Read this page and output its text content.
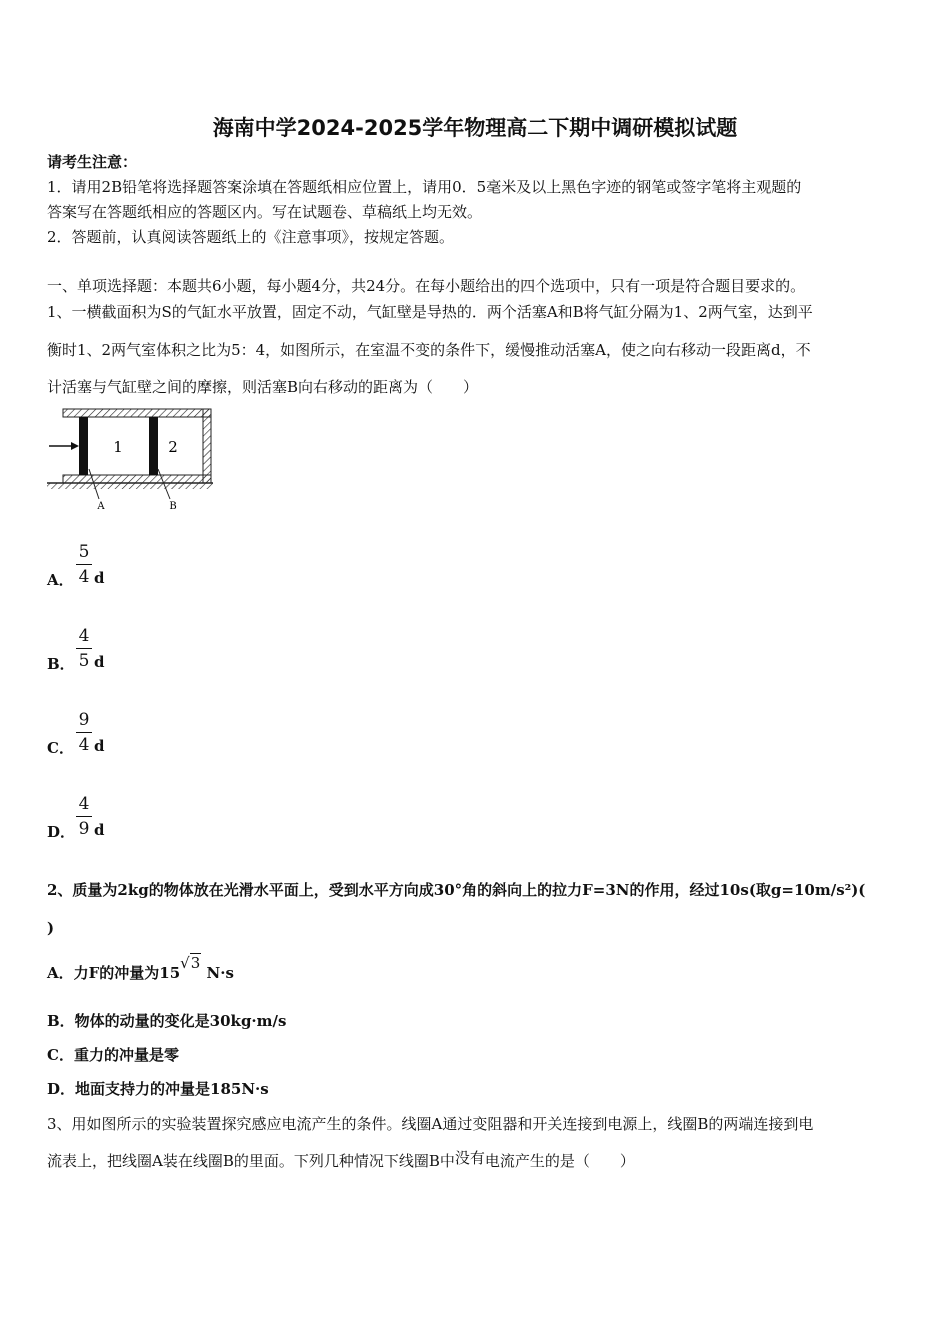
海南中学2024-2025学年物理高二下期中调研模拟试题
请考生注意：
1．请用2B铅笔将选择题答案涂填在答题纸相应位置上，请用0．5毫米及以上黑色字迹的钢笔或签字笔将主观题的
答案写在答题纸相应的答题区内。写在试题卷、草稿纸上均无效。
2．答题前，认真阅读答题纸上的《注意事项》，按规定答题。
一、单项选择题：本题共6小题，每小题4分，共24分。在每小题给出的四个选项中，只有一项是符合题目要求的。
1、一横截面积为S的气缸水平放置，固定不动，气缸壁是导热的．两个活塞A和B将气缸分隔为1、2两气室，达到平
衡时1、2两气室体积之比为5：4，如图所示，在室温不变的条件下，缓慢推动活塞A，使之向右移动一段距离d，不
计活塞与气缸壁之间的摩擦，则活塞B向右移动的距离为（　　）
1	2
A	B
A．
5
4 d
B．
4
5 d
C．
9
4 d
D．
4
9 d
2、质量为2kg的物体放在光滑水平面上，受到水平方向成30°角的斜向上的拉力F=3N的作用，经过10s(取g=10m/s²)(
)
A．力F的冲量为15√3 N·s
B．物体的动量的变化是30kg·m/s
C．重力的冲量是零
D．地面支持力的冲量是185N·s
3、用如图所示的实验装置探究感应电流产生的条件。线圈A通过变阻器和开关连接到电源上，线圈B的两端连接到电
流表上，把线圈A装在线圈B的里面。下列几种情况下线圈B中没有电流产生的是（　　）
